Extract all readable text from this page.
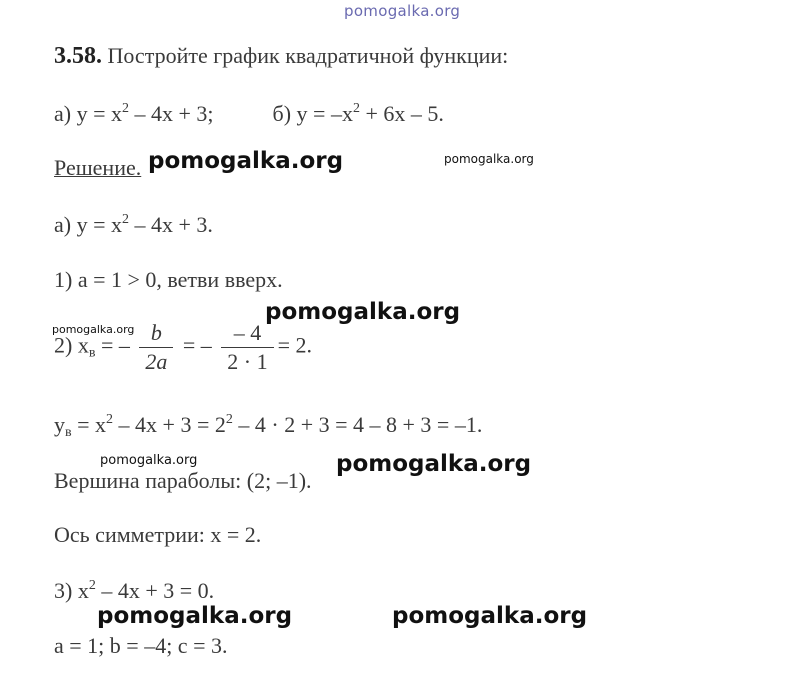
pomogalka.org
3.58. Постройте график квадратичной функции:
а) $y = x^2 - 4x + 3$;	б) $y = -x^2 + 6x - 5$.
Решение.
а) $y = x^2 - 4x + 3$.
1) a = 1 > 0, ветви вверх.
2) $x_в$ = – $\frac{b}{2a}$ = – $\frac{- 4}{2 \cdot 1} = 2$.
$y_в = x^2 - 4x + 3 = 2^2 - 4 \cdot 2 + 3 = 4 - 8 + 3 = -1$.
Вершина параболы: (2; –1).
Ось симметрии: x = 2.
3) $x^2 - 4x + 3 = 0$.
a = 1; b = –4; c = 3.
pomogalka.org	pomogalka.org
pomogalka.org
pomogalka.org
pomogalka.org	pomogalka.org
pomogalka.org	pomogalka.org
